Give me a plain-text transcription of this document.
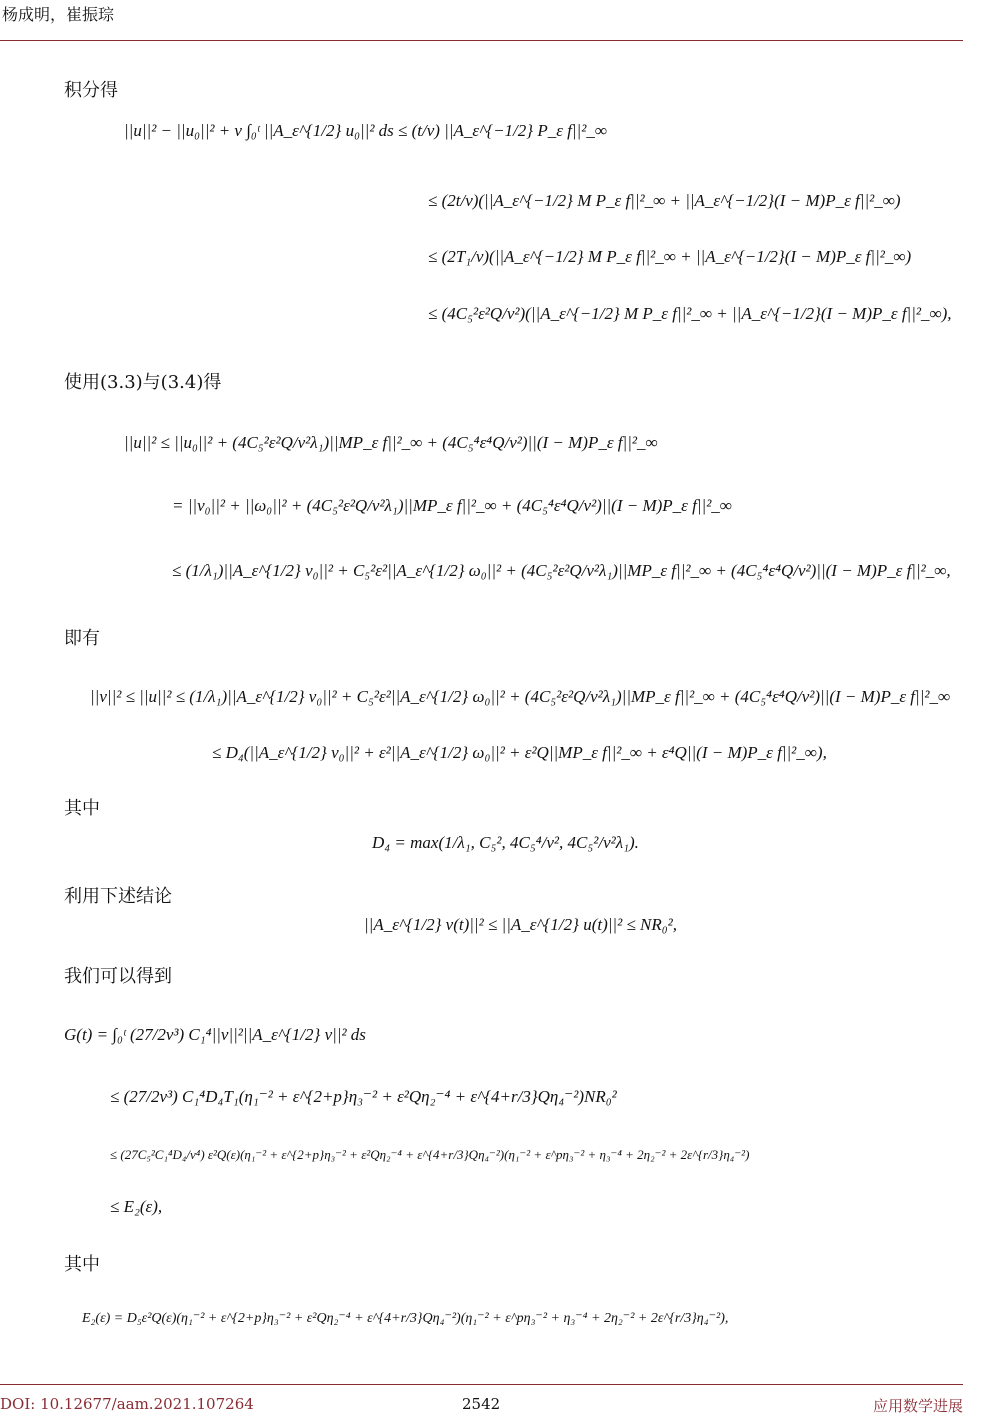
杨成明，崔振琮
积分得
||u||² − ||u₀||² + ν ∫₀ᵗ ||A_ε^{1/2} u₀||² ds ≤ (t/ν) ||A_ε^{−1/2} P_ε f||²_∞
≤ (2t/ν)(||A_ε^{−1/2} M P_ε f||²_∞ + ||A_ε^{−1/2}(I − M)P_ε f||²_∞)
≤ (2T₁/ν)(||A_ε^{−1/2} M P_ε f||²_∞ + ||A_ε^{−1/2}(I − M)P_ε f||²_∞)
≤ (4C₅²ε²Q/ν²)(||A_ε^{−1/2} M P_ε f||²_∞ + ||A_ε^{−1/2}(I − M)P_ε f||²_∞),
使用(3.3)与(3.4)得
||u||² ≤ ||u₀||² + (4C₅²ε²Q/ν²λ₁)||MP_ε f||²_∞ + (4C₅⁴ε⁴Q/ν²)||(I − M)P_ε f||²_∞
= ||v₀||² + ||ω₀||² + (4C₅²ε²Q/ν²λ₁)||MP_ε f||²_∞ + (4C₅⁴ε⁴Q/ν²)||(I − M)P_ε f||²_∞
≤ (1/λ₁)||A_ε^{1/2} v₀||² + C₅²ε²||A_ε^{1/2} ω₀||² + (4C₅²ε²Q/ν²λ₁)||MP_ε f||²_∞ + (4C₅⁴ε⁴Q/ν²)||(I − M)P_ε f||²_∞,
即有
||v||² ≤ ||u||² ≤ (1/λ₁)||A_ε^{1/2} v₀||² + C₅²ε²||A_ε^{1/2} ω₀||² + (4C₅²ε²Q/ν²λ₁)||MP_ε f||²_∞ + (4C₅⁴ε⁴Q/ν²)||(I − M)P_ε f||²_∞
≤ D₄(||A_ε^{1/2} v₀||² + ε²||A_ε^{1/2} ω₀||² + ε²Q||MP_ε f||²_∞ + ε⁴Q||(I − M)P_ε f||²_∞),
其中
D₄ = max(1/λ₁, C₅², 4C₅⁴/ν², 4C₅²/ν²λ₁).
利用下述结论
||A_ε^{1/2} v(t)||² ≤ ||A_ε^{1/2} u(t)||² ≤ NR₀²,
我们可以得到
G(t) = ∫₀ᵗ (27/2ν³) C₁⁴||v||²||A_ε^{1/2} v||² ds
≤ (27/2ν³) C₁⁴D₄T₁(η₁⁻² + ε^{2+p}η₃⁻² + ε²Qη₂⁻⁴ + ε^{4+r/3}Qη₄⁻²)NR₀²
≤ (27C₅²C₁⁴D₄/ν⁴) ε²Q(ε)(η₁⁻² + ε^{2+p}η₃⁻² + ε²Qη₂⁻⁴ + ε^{4+r/3}Qη₄⁻²)(η₁⁻² + ε^pη₃⁻² + η₃⁻⁴ + 2η₂⁻² + 2ε^{r/3}η₄⁻²)
≤ E₂(ε),
其中
E₂(ε) = D₅ε²Q(ε)(η₁⁻² + ε^{2+p}η₃⁻² + ε²Qη₂⁻⁴ + ε^{4+r/3}Qη₄⁻²)(η₁⁻² + ε^pη₃⁻² + η₃⁻⁴ + 2η₂⁻² + 2ε^{r/3}η₄⁻²),
DOI: 10.12677/aam.2021.107264	2542	应用数学进展
